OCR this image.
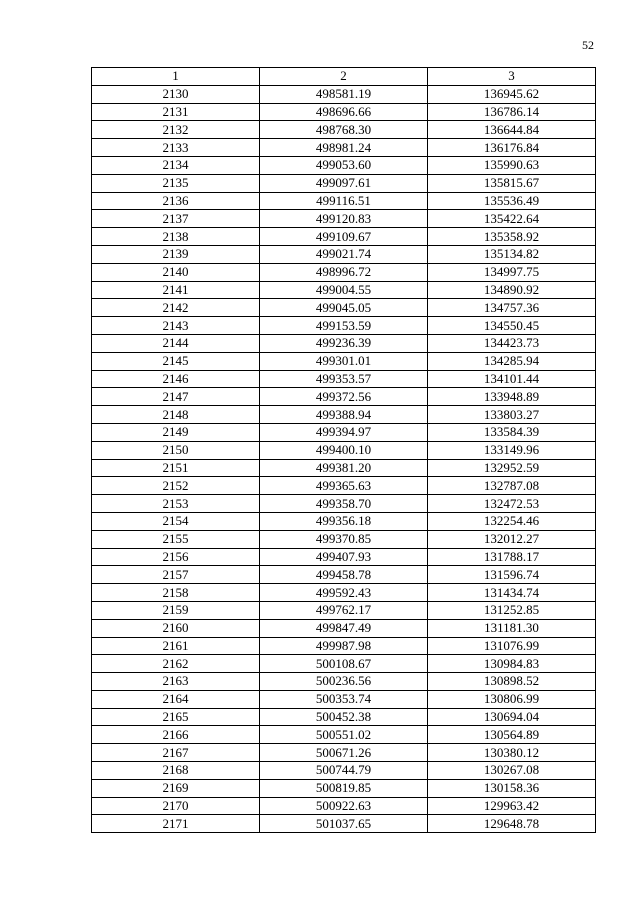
52
1	2	3
2130	498581.19	136945.62
2131	498696.66	136786.14
2132	498768.30	136644.84
2133	498981.24	136176.84
2134	499053.60	135990.63
2135	499097.61	135815.67
2136	499116.51	135536.49
2137	499120.83	135422.64
2138	499109.67	135358.92
2139	499021.74	135134.82
2140	498996.72	134997.75
2141	499004.55	134890.92
2142	499045.05	134757.36
2143	499153.59	134550.45
2144	499236.39	134423.73
2145	499301.01	134285.94
2146	499353.57	134101.44
2147	499372.56	133948.89
2148	499388.94	133803.27
2149	499394.97	133584.39
2150	499400.10	133149.96
2151	499381.20	132952.59
2152	499365.63	132787.08
2153	499358.70	132472.53
2154	499356.18	132254.46
2155	499370.85	132012.27
2156	499407.93	131788.17
2157	499458.78	131596.74
2158	499592.43	131434.74
2159	499762.17	131252.85
2160	499847.49	131181.30
2161	499987.98	131076.99
2162	500108.67	130984.83
2163	500236.56	130898.52
2164	500353.74	130806.99
2165	500452.38	130694.04
2166	500551.02	130564.89
2167	500671.26	130380.12
2168	500744.79	130267.08
2169	500819.85	130158.36
2170	500922.63	129963.42
2171	501037.65	129648.78
